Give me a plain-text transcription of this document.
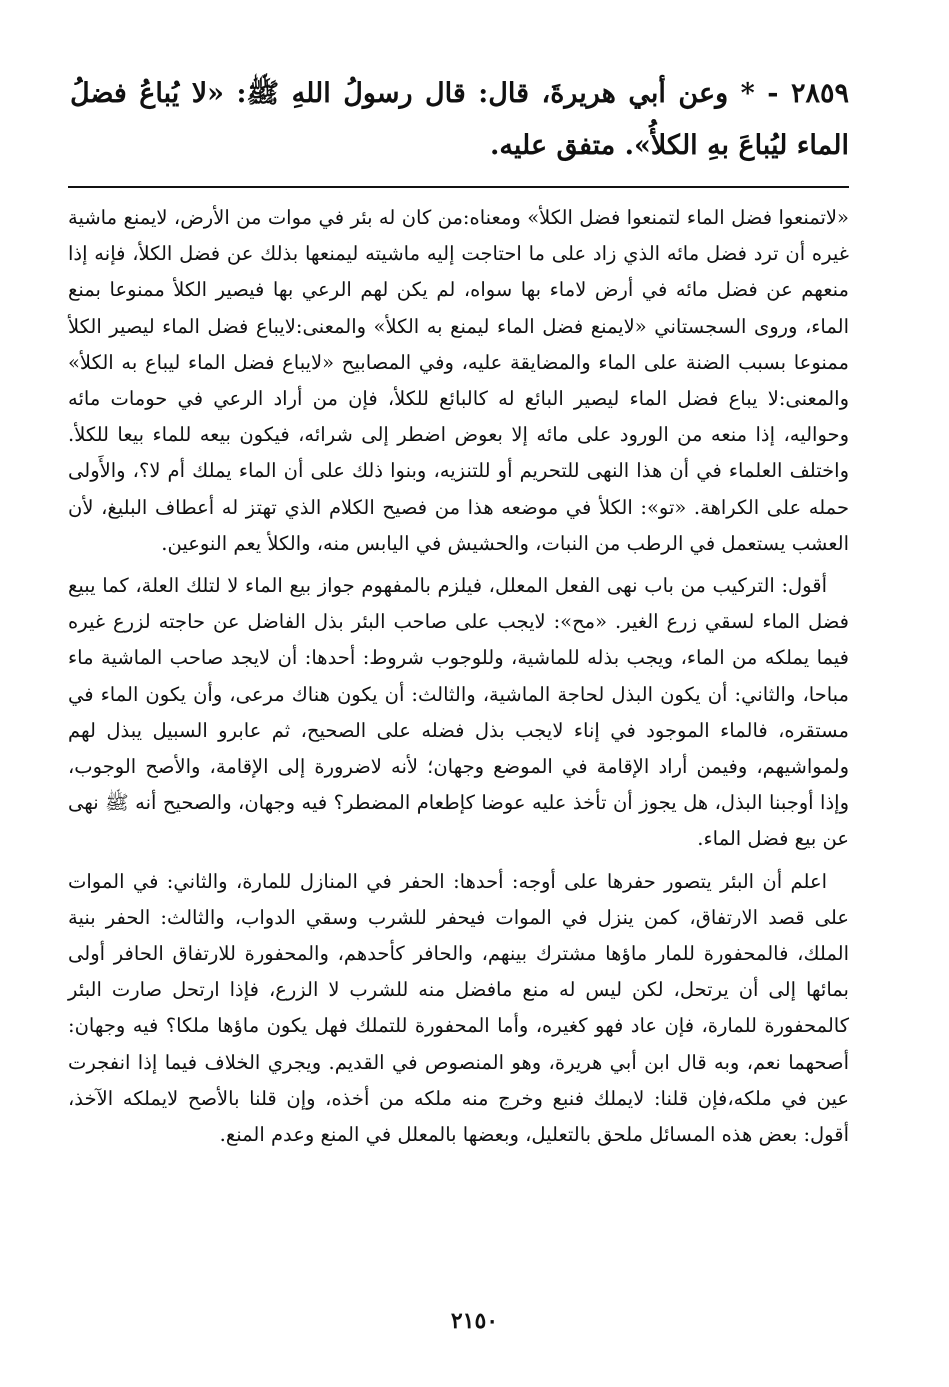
٢٨٥٩ - * وعن أبي هريرةَ، قال: قال رسولُ اللهِ ﷺ: «لا يُباعُ فضلُ الماء ليُباعَ بهِ الكلأُ». متفق عليه.

«لاتمنعوا فضل الماء لتمنعوا فضل الكلأ» ومعناه:من كان له بئر في موات من الأرض، لايمنع ماشية غيره أن ترد فضل مائه الذي زاد على ما احتاجت إليه ماشيته ليمنعها بذلك عن فضل الكلأ، فإنه إذا منعهم عن فضل مائه في أرض لاماء بها سواه، لم يكن لهم الرعي بها فيصير الكلأ ممنوعا بمنع الماء، وروى السجستاني «لايمنع فضل الماء ليمنع به الكلأ» والمعنى:لايباع فضل الماء ليصير الكلأ ممنوعا بسبب الضنة على الماء والمضايقة عليه، وفي المصابيح «لايباع فضل الماء ليباع به الكلأ» والمعنى:لا يباع فضل الماء ليصير البائع له كالبائع للكلأ، فإن من أراد الرعي في حومات مائه وحواليه، إذا منعه من الورود على مائه إلا بعوض اضطر إلى شرائه، فيكون بيعه للماء بيعا للكلأ. واختلف العلماء في أن هذا النهى للتحريم أو للتنزيه، وبنوا ذلك على أن الماء يملك أم لا؟، والأَولى حمله على الكراهة. «تو»: الكلأ في موضعه هذا من فصيح الكلام الذي تهتز له أعطاف البليغ، لأن العشب يستعمل في الرطب من النبات، والحشيش في اليابس منه، والكلأ يعم النوعين.

أقول: التركيب من باب نهى الفعل المعلل، فيلزم بالمفهوم جواز بيع الماء لا لتلك العلة، كما يبيع فضل الماء لسقي زرع الغير. «مح»: لايجب على صاحب البئر بذل الفاضل عن حاجته لزرع غيره فيما يملكه من الماء، ويجب بذله للماشية، وللوجوب شروط: أحدها: أن لايجد صاحب الماشية ماء مباحا، والثاني: أن يكون البذل لحاجة الماشية، والثالث: أن يكون هناك مرعى، وأن يكون الماء في مستقره، فالماء الموجود في إناء لايجب بذل فضله على الصحيح، ثم عابرو السبيل يبذل لهم ولمواشيهم، وفيمن أراد الإقامة في الموضع وجهان؛ لأنه لاضرورة إلى الإقامة، والأصح الوجوب، وإذا أوجبنا البذل، هل يجوز أن تأخذ عليه عوضا كإطعام المضطر؟ فيه وجهان، والصحيح أنه ﷺ نهى عن بيع فضل الماء.

اعلم أن البئر يتصور حفرها على أوجه: أحدها: الحفر في المنازل للمارة، والثاني: في الموات على قصد الارتفاق، كمن ينزل في الموات فيحفر للشرب وسقي الدواب، والثالث: الحفر بنية الملك، فالمحفورة للمار ماؤها مشترك بينهم، والحافر كأحدهم، والمحفورة للارتفاق الحافر أولى بمائها إلى أن يرتحل، لكن ليس له منع مافضل منه للشرب لا الزرع، فإذا ارتحل صارت البئر كالمحفورة للمارة، فإن عاد فهو كغيره، وأما المحفورة للتملك فهل يكون ماؤها ملكا؟ فيه وجهان: أصحهما نعم، وبه قال ابن أبي هريرة، وهو المنصوص في القديم. ويجري الخلاف فيما إذا انفجرت عين في ملكه،فإن قلنا: لايملك فنبع وخرج منه ملكه من أخذه، وإن قلنا بالأصح لايملكه الآخذ، أقول: بعض هذه المسائل ملحق بالتعليل، وبعضها بالمعلل في المنع وعدم المنع.

٢١٥٠
